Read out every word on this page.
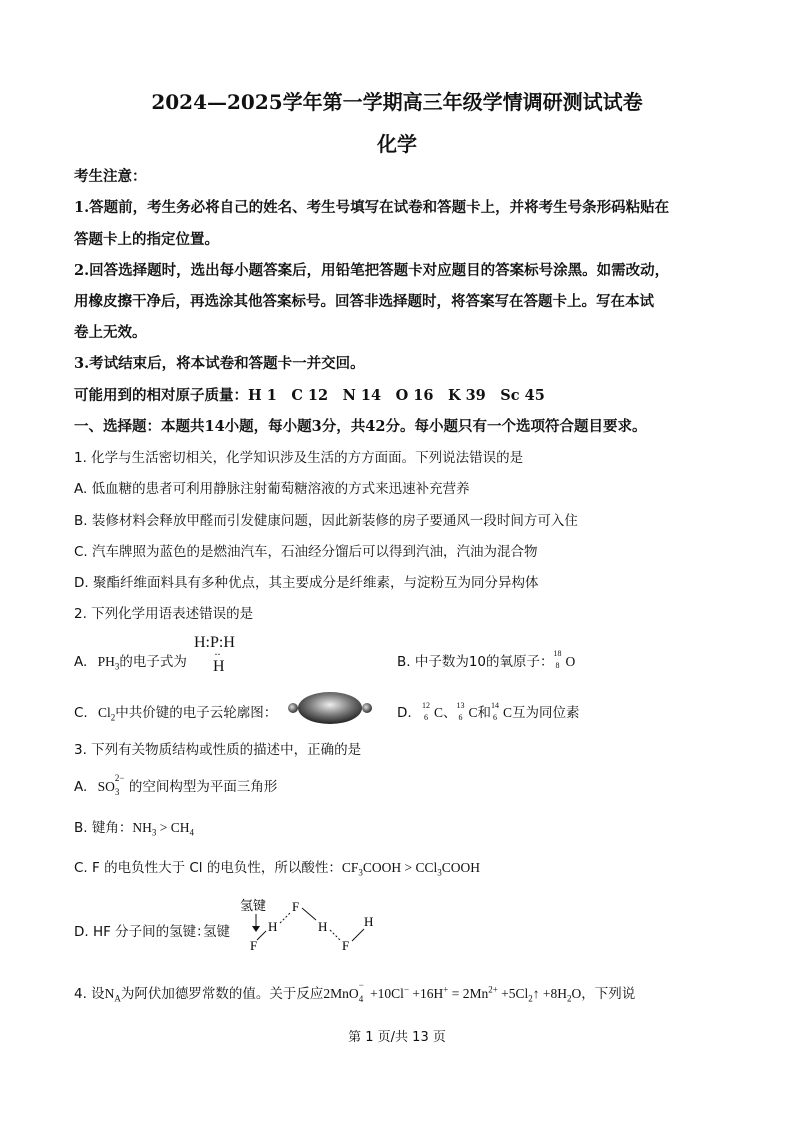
2024—2025学年第一学期高三年级学情调研测试试卷
化学
考生注意：
1.答题前，考生务必将自己的姓名、考生号填写在试卷和答题卡上，并将考生号条形码粘贴在
答题卡上的指定位置。
2.回答选择题时，选出每小题答案后，用铅笔把答题卡对应题目的答案标号涂黑。如需改动，
用橡皮擦干净后，再选涂其他答案标号。回答非选择题时，将答案写在答题卡上。写在本试
卷上无效。
3.考试结束后，将本试卷和答题卡一并交回。
可能用到的相对原子质量：H 1　C 12　N 14　O 16　K 39　Sc 45
一、选择题：本题共14小题，每小题3分，共42分。每小题只有一个选项符合题目要求。
1. 化学与生活密切相关，化学知识涉及生活的方方面面。下列说法错误的是
A. 低血糖的患者可利用静脉注射葡萄糖溶液的方式来迅速补充营养
B. 装修材料会释放甲醛而引发健康问题，因此新装修的房子要通风一段时间方可入住
C. 汽车牌照为蓝色的是燃油汽车，石油经分馏后可以得到汽油，汽油为混合物
D. 聚酯纤维面料具有多种优点，其主要成分是纤维素，与淀粉互为同分异构体
2. 下列化学用语表述错误的是
A. $PH_3$的电子式为
H:P:H
··
H	B. 中子数为10的氧原子：
18
8 O
C. $Cl_2$中共价键的电子云轮廓图：	D. 12
6 C、 13
6 C和 14
6 C互为同位素
3. 下列有关物质结构或性质的描述中，正确的是
A. SO
2−
3 的空间构型为平面三角形
B. 键角：$NH_3 > CH_4$
C. F 的电负性大于 Cl 的电负性，所以酸性：$CF_3COOH$ > CCl$_3$COOH
D. HF 分子间的氢键：
氢键
氢键
F
H
F
H
F
H
4. 设$N_A$为阿伏加德罗常数的值。关于反应2MnO
−
$4 +10Cl^- +16H^+ = 2Mn^{2+}$ $+5Cl_2↑ +8H_2O$，下列说
第 1 页/共 13 页
